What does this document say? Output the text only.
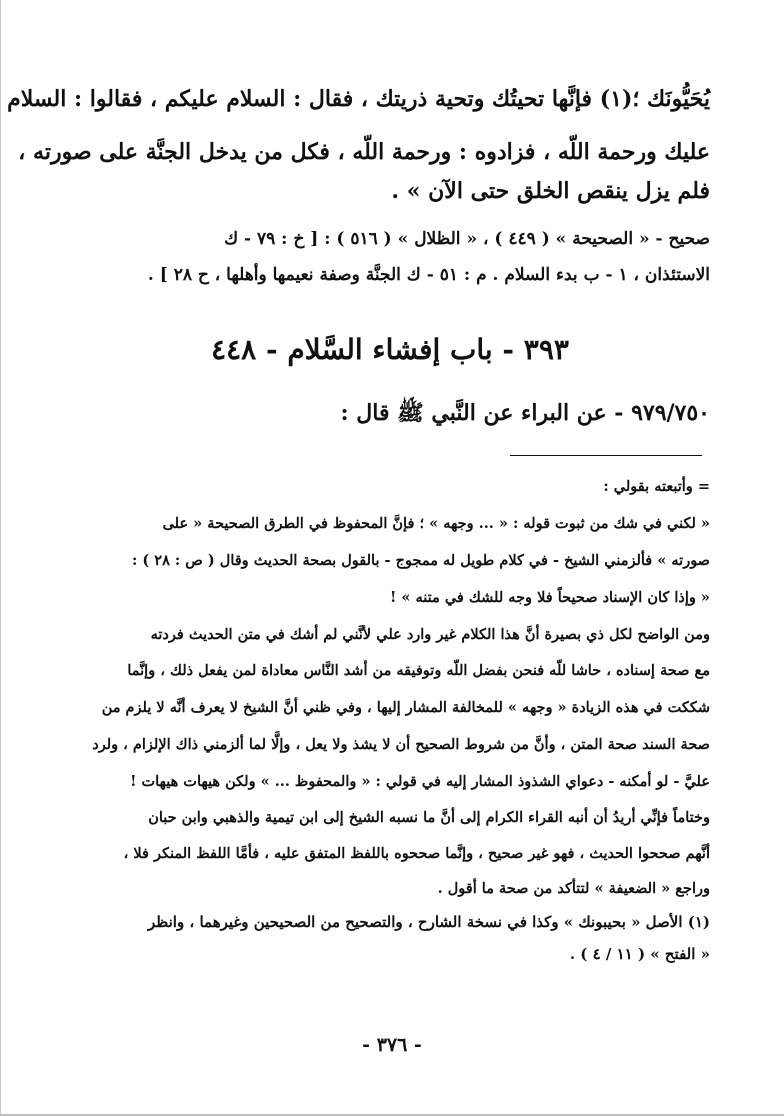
يُحَيُّونَك ؛(١) فإنَّها تحيتُك وتحية ذريتك ، فقال : السلام عليكم ، فقالوا : السلام

عليك ورحمة اللّه ، فزادوه : ورحمة اللّه ، فكل من يدخل الجنَّة على صورته ،

فلم يزل ينقص الخلق حتى الآن » .

صحيح - « الصحيحة » ( ٤٤٩ ) ، « الظلال » ( ٥١٦ ) : [ خ : ٧٩ - ك

الاستئذان ، ١ - ب بدء السلام . م : ٥١ - ك الجنَّة وصفة نعيمها وأهلها ، ح ٢٨ ] .

٣٩٣ - باب إفشاء السَّلام - ٤٤٨

٩٧٩/٧٥٠ - عن البراء عن النَّبي ﷺ قال :

= وأتبعته بقولي :

« لكني في شك من ثبوت قوله : « ... وجهه » ؛ فإنَّ المحفوظ في الطرق الصحيحة « على

صورته » فألزمني الشيخ - في كلام طويل له ممجوج - بالقول بصحة الحديث وقال ( ص : ٢٨ ) :

« وإذا كان الإسناد صحيحاً فلا وجه للشك في متنه » !

ومن الواضح لكل ذي بصيرة أنَّ هذا الكلام غير وارد علي لأنَّني لم أشك في متن الحديث فردته

مع صحة إسناده ، حاشا للّه فنحن بفضل اللّه وتوفيقه من أشد النَّاس معاداة لمن يفعل ذلك ، وإنَّما

شككت في هذه الزيادة « وجهه » للمخالفة المشار إليها ، وفي ظني أنَّ الشيخ لا يعرف أنَّه لا يلزم من

صحة السند صحة المتن ، وأنَّ من شروط الصحيح أن لا يشذ ولا يعل ، وإلَّا لما ألزمني ذاك الإلزام ، ولرد

عليَّ - لو أمكنه - دعواي الشذوذ المشار إليه في قولي : « والمحفوظ ... » ولكن هيهات هيهات !

وختاماً فإنِّي أريدُ أن أنبه القراء الكرام إلى أنَّ ما نسبه الشيخ إلى ابن تيمية والذهبي وابن حبان

أنَّهم صححوا الحديث ، فهو غير صحيح ، وإنَّما صححوه باللفظ المتفق عليه ، فأمَّا اللفظ المنكر فلا ،

وراجع « الضعيفة » لتتأكد من صحة ما أقول .

(١) الأصل « بحيبونك » وكذا في نسخة الشارح ، والتصحيح من الصحيحين وغيرهما ، وانظر

« الفتح » ( ١١ / ٤ ) .

- ٣٧٦ -
